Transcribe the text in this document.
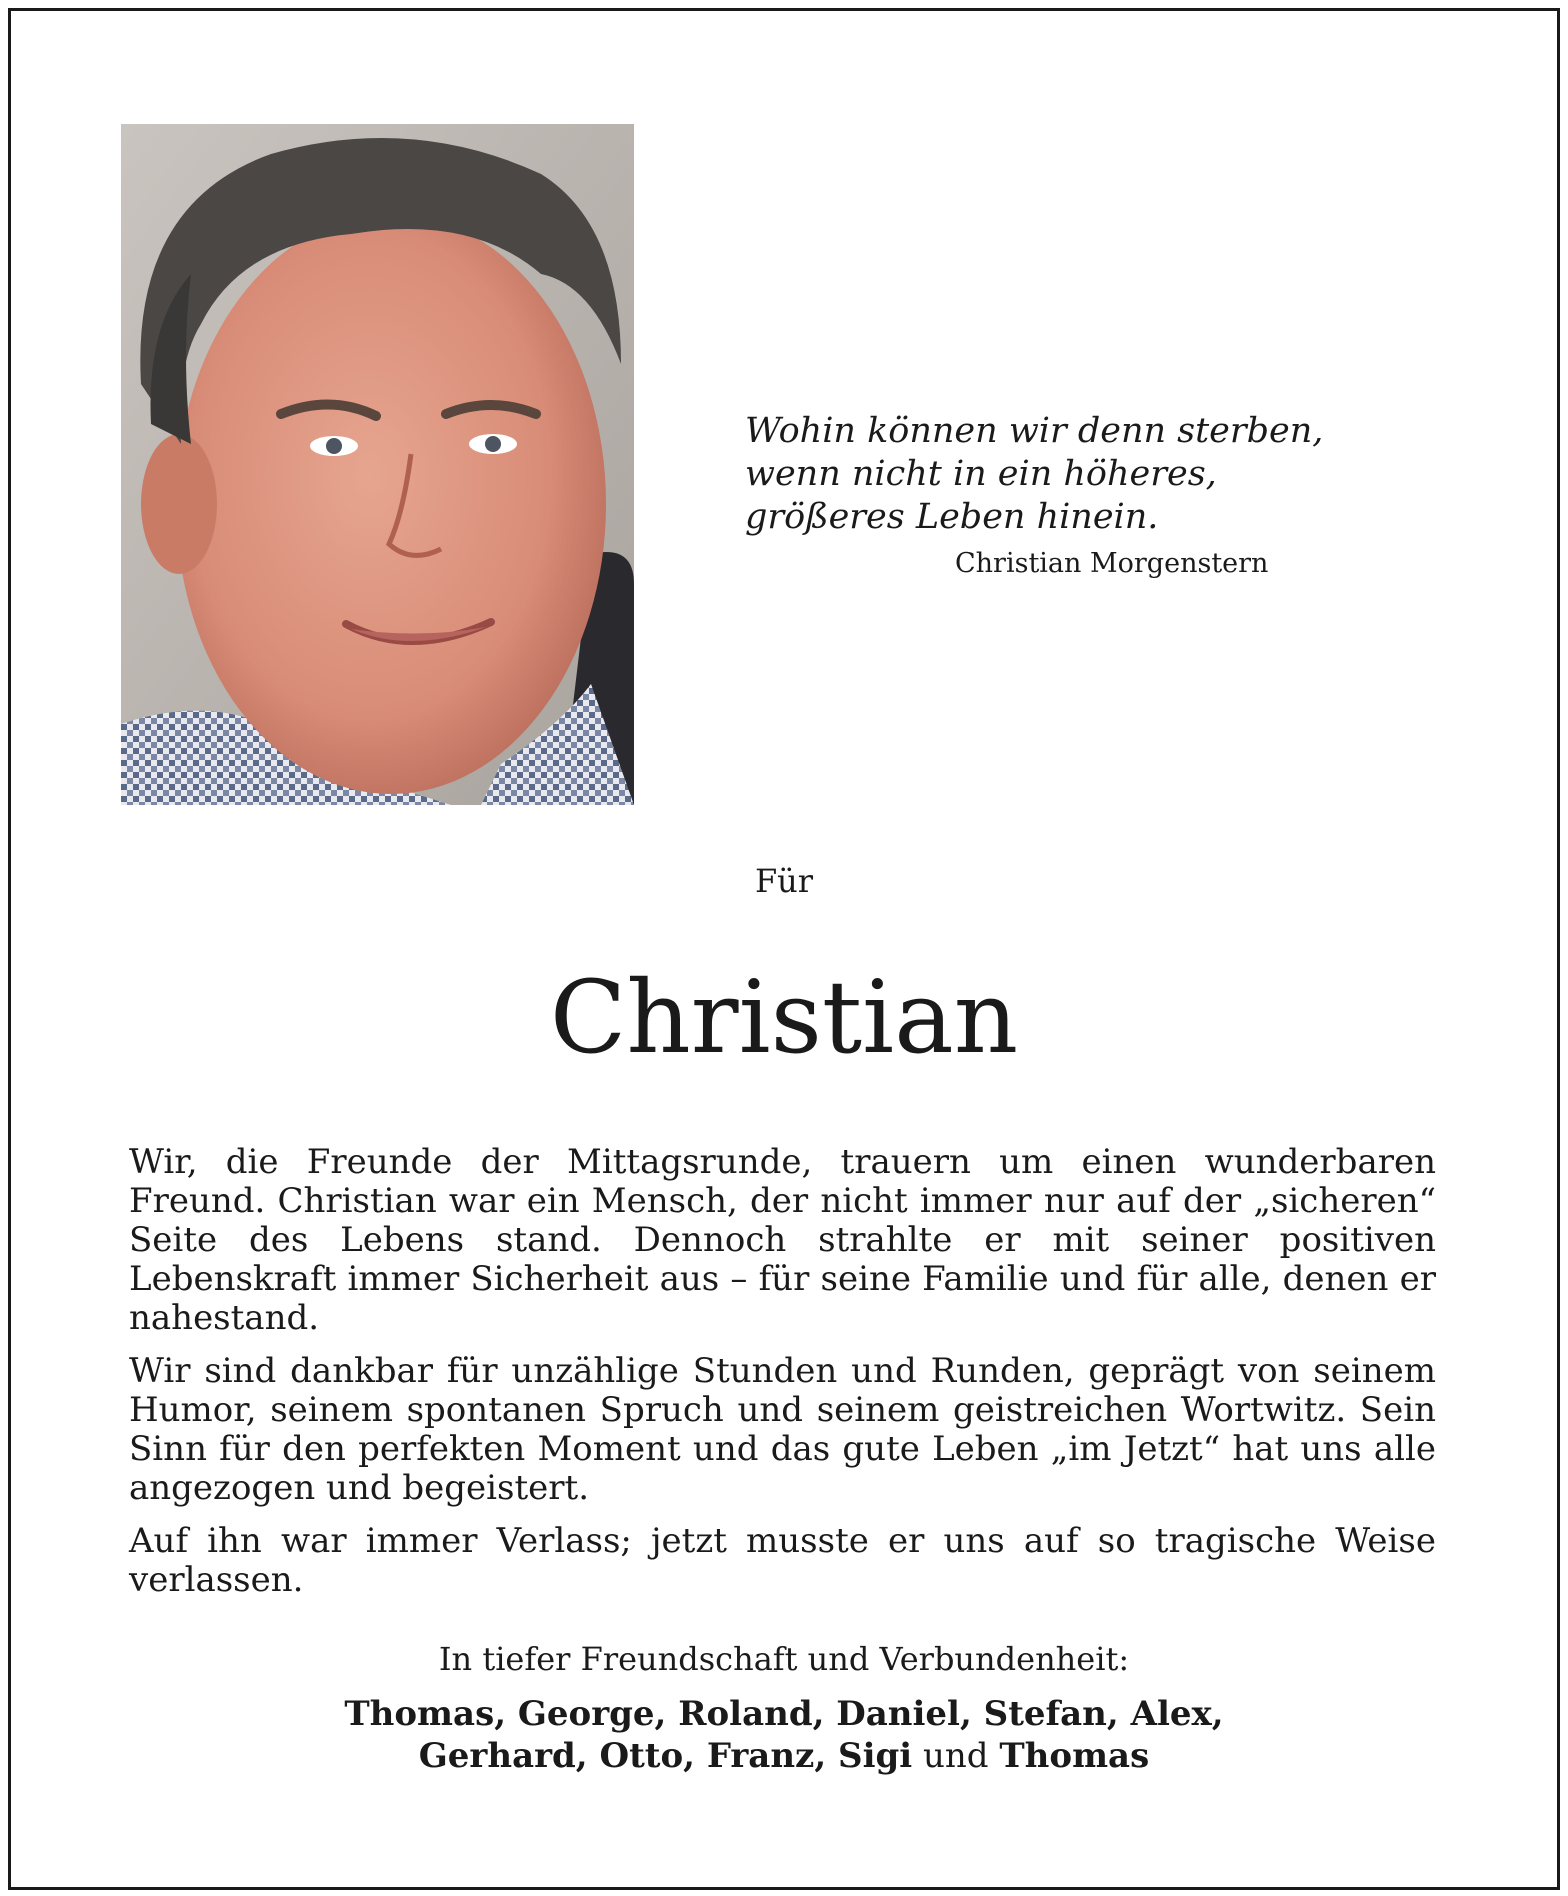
Wohin können wir denn sterben,
wenn nicht in ein höheres,
größeres Leben hinein.
Christian Morgenstern
Für
Christian

Wir, die Freunde der Mittagsrunde, trauern um einen wunderbaren Freund. Christian war ein Mensch, der nicht immer nur auf der „sicheren“ Seite des Lebens stand. Dennoch strahlte er mit seiner positiven Lebenskraft immer Sicherheit aus – für seine Familie und für alle, denen er nahestand.

Wir sind dankbar für unzählige Stunden und Runden, geprägt von seinem Humor, seinem spontanen Spruch und seinem geistreichen Wortwitz. Sein Sinn für den perfekten Moment und das gute Leben „im Jetzt“ hat uns alle angezogen und begeistert.

Auf ihn war immer Verlass; jetzt musste er uns auf so tragische Weise verlassen.

In tiefer Freundschaft und Verbundenheit:
Thomas, George, Roland, Daniel, Stefan, Alex,
Gerhard, Otto, Franz, Sigi und Thomas
